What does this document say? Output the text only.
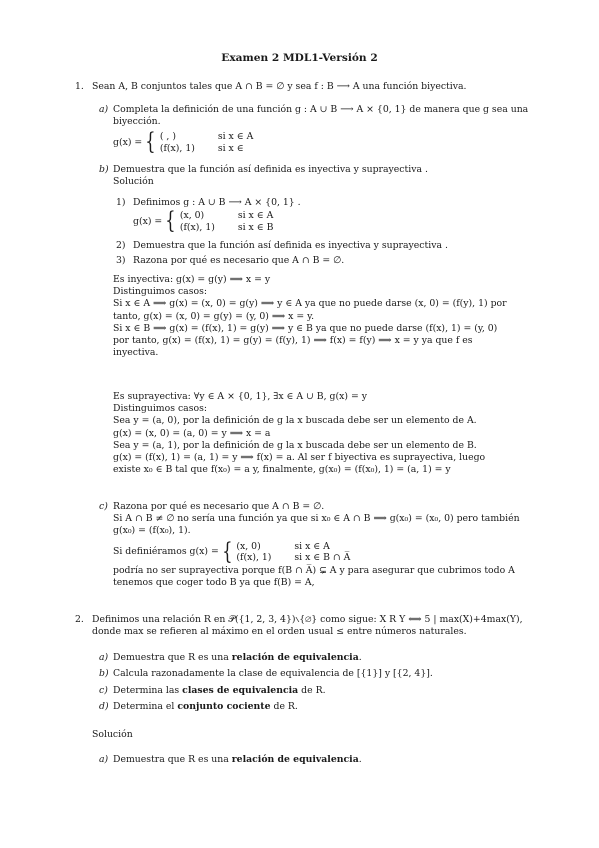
Examen 2 MDL1-Versión 2
1. Sean A, B conjuntos tales que A ∩ B = ∅ y sea f : B ⟶ A una función biyectiva.
a) Completa la definición de una función g : A ∪ B ⟶ A × {0, 1} de manera que g sea una
biyección.
g(x) = { ( , )	si x ∈ A
(f(x), 1) si x ∈
b) Demuestra que la función así definida es inyectiva y suprayectiva .
Solución
1) Definimos g : A ∪ B ⟶ A × {0, 1} .
g(x) = { (x, 0)	si x ∈ A
(f(x), 1) si x ∈ B
2) Demuestra que la función así definida es inyectiva y suprayectiva .
3) Razona por qué es necesario que A ∩ B = ∅.
Es inyectiva: g(x) = g(y) ⟹ x = y
Distinguimos casos:
Si x ∈ A ⟹ g(x) = (x, 0) = g(y) ⟹ y ∈ A ya que no puede darse (x, 0) = (f(y), 1) por
tanto, g(x) = (x, 0) = g(y) = (y, 0) ⟹ x = y.
Si x ∈ B ⟹ g(x) = (f(x), 1) = g(y) ⟹ y ∈ B ya que no puede darse (f(x), 1) = (y, 0)
por tanto, g(x) = (f(x), 1) = g(y) = (f(y), 1) ⟹ f(x) = f(y) ⟹ x = y ya que f es
inyectiva.
Es suprayectiva: ∀y ∈ A × {0, 1}, ∃x ∈ A ∪ B, g(x) = y
Distinguimos casos:
Sea y = (a, 0), por la definición de g la x buscada debe ser un elemento de A.
g(x) = (x, 0) = (a, 0) = y ⟹ x = a
Sea y = (a, 1), por la definición de g la x buscada debe ser un elemento de B.
g(x) = (f(x), 1) = (a, 1) = y ⟹ f(x) = a. Al ser f biyectiva es suprayectiva, luego
existe x₀ ∈ B tal que f(x₀) = a y, finalmente, g(x₀) = (f(x₀), 1) = (a, 1) = y
c) Razona por qué es necesario que A ∩ B = ∅.
Si A ∩ B ≠ ∅ no sería una función ya que si x₀ ∈ A ∩ B ⟹ g(x₀) = (x₀, 0) pero también
g(x₀) = (f(x₀), 1).
Si definiéramos g(x) = { (x, 0)	si x ∈ A
(f(x), 1) si x ∈ B ∩ A̅
podría no ser suprayectiva porque f(B ∩ A̅) ⊊ A y para asegurar que cubrimos todo A
tenemos que coger todo B ya que f(B) = A,
2. Definimos una relación R en 𝒫({1, 2, 3, 4})∖{∅} como sigue: X R Y ⟺ 5 | max(X)+4max(Y),
donde max se refieren al máximo en el orden usual ≤ entre números naturales.
a) Demuestra que R es una relación de equivalencia.
b) Calcula razonadamente la clase de equivalencia de [{1}] y [{2, 4}].
c) Determina las clases de equivalencia de R.
d) Determina el conjunto cociente de R.
Solución
a) Demuestra que R es una relación de equivalencia.
